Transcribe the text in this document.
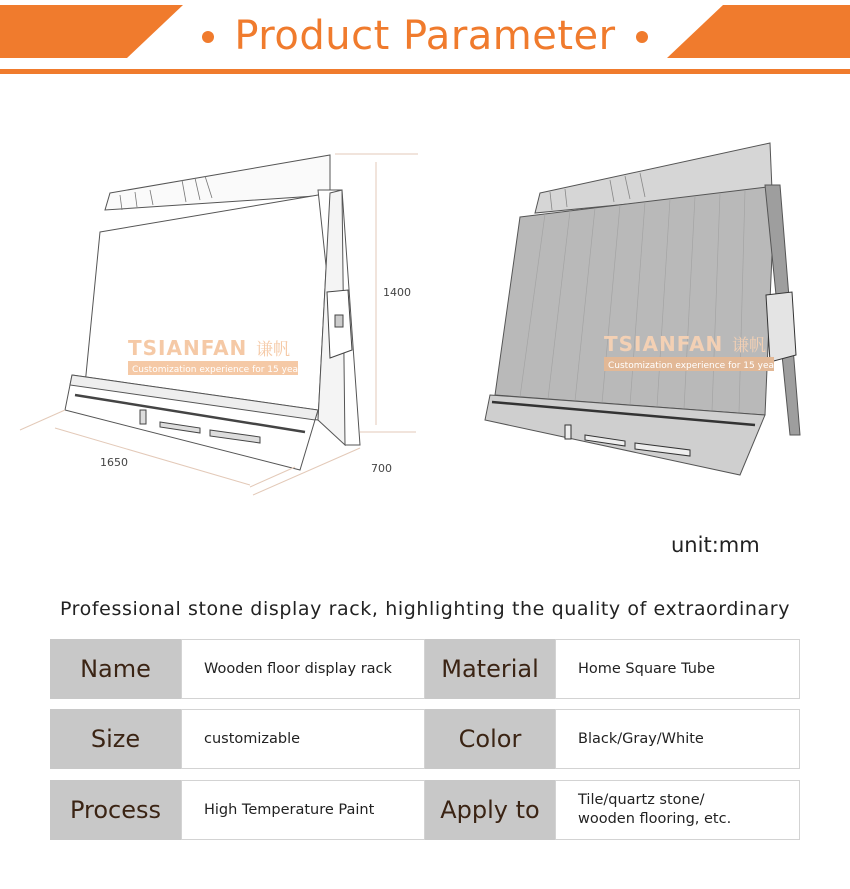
Product Parameter
TSIANFAN 谦帆
Customization experience for 15 years
TSIANFAN 谦帆
Customization experience for 15 years
1400
1650	700
unit:mm
Professional stone display rack, highlighting the quality of extraordinary
Name	Wooden floor display rack	Material	Home Square Tube
Size	customizable	Color	Black/Gray/White
Process	High Temperature Paint	Apply to	Tile/quartz stone/ wooden flooring, etc.
